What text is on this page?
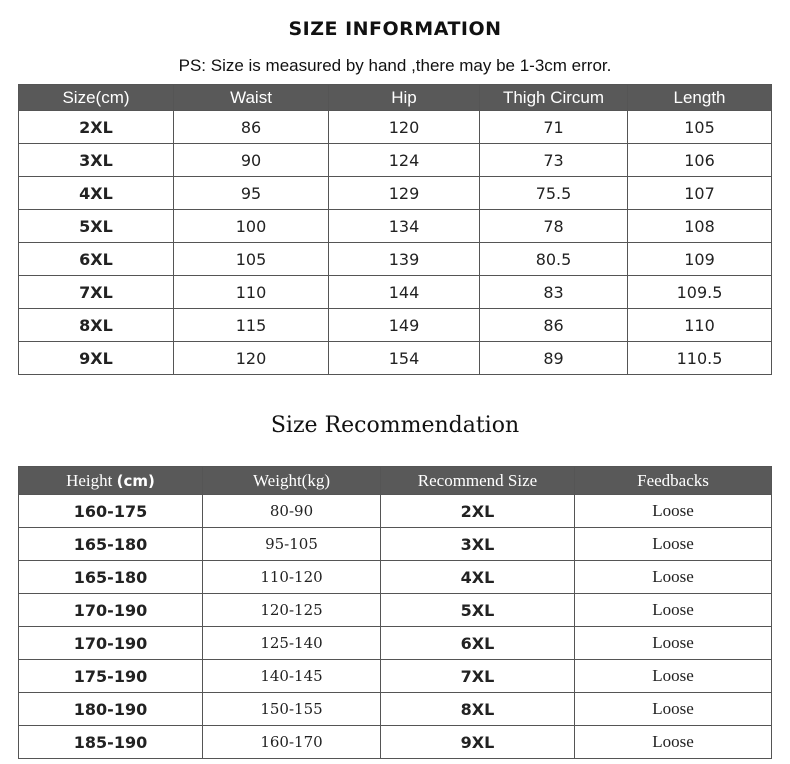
SIZE INFORMATION
PS: Size is measured by hand ,there may be 1-3cm error.
Size(cm)	Waist	Hip	Thigh Circum	Length
2XL	86	120	71	105
3XL	90	124	73	106
4XL	95	129	75.5	107
5XL	100	134	78	108
6XL	105	139	80.5	109
7XL	110	144	83	109.5
8XL	115	149	86	110
9XL	120	154	89	110.5
Size Recommendation
Height (cm)	Weight(kg)	Recommend Size	Feedbacks
160-175	80-90	2XL	Loose
165-180	95-105	3XL	Loose
165-180	110-120	4XL	Loose
170-190	120-125	5XL	Loose
170-190	125-140	6XL	Loose
175-190	140-145	7XL	Loose
180-190	150-155	8XL	Loose
185-190	160-170	9XL	Loose
